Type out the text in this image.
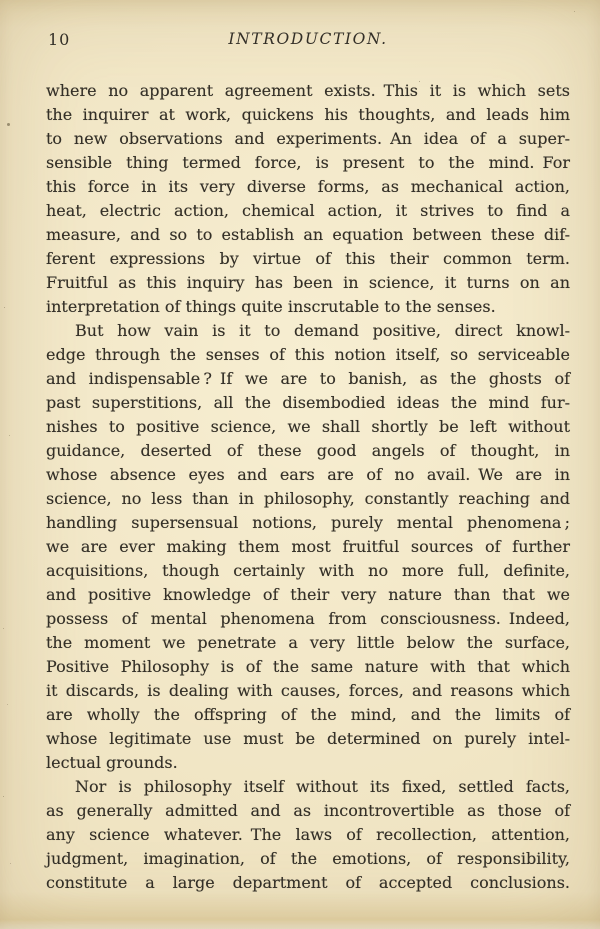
10	INTRODUCTION.
where no apparent agreement exists. This it is which sets
the inquirer at work, quickens his thoughts, and leads him
to new observations and experiments. An idea of a super-
sensible thing termed force, is present to the mind. For
this force in its very diverse forms, as mechanical action,
heat, electric action, chemical action, it strives to find a
measure, and so to establish an equation between these dif-
ferent expressions by virtue of this their common term.
Fruitful as this inquiry has been in science, it turns on an
interpretation of things quite inscrutable to the senses.
But how vain is it to demand positive, direct knowl-
edge through the senses of this notion itself, so serviceable
and indispensable ? If we are to banish, as the ghosts of
past superstitions, all the disembodied ideas the mind fur-
nishes to positive science, we shall shortly be left without
guidance, deserted of these good angels of thought, in
whose absence eyes and ears are of no avail. We are in
science, no less than in philosophy, constantly reaching and
handling supersensual notions, purely mental phenomena ;
we are ever making them most fruitful sources of further
acquisitions, though certainly with no more full, definite,
and positive knowledge of their very nature than that we
possess of mental phenomena from consciousness. Indeed,
the moment we penetrate a very little below the surface,
Positive Philosophy is of the same nature with that which
it discards, is dealing with causes, forces, and reasons which
are wholly the offspring of the mind, and the limits of
whose legitimate use must be determined on purely intel-
lectual grounds.
Nor is philosophy itself without its fixed, settled facts,
as generally admitted and as incontrovertible as those of
any science whatever. The laws of recollection, attention,
judgment, imagination, of the emotions, of responsibility,
constitute a large department of accepted conclusions.
